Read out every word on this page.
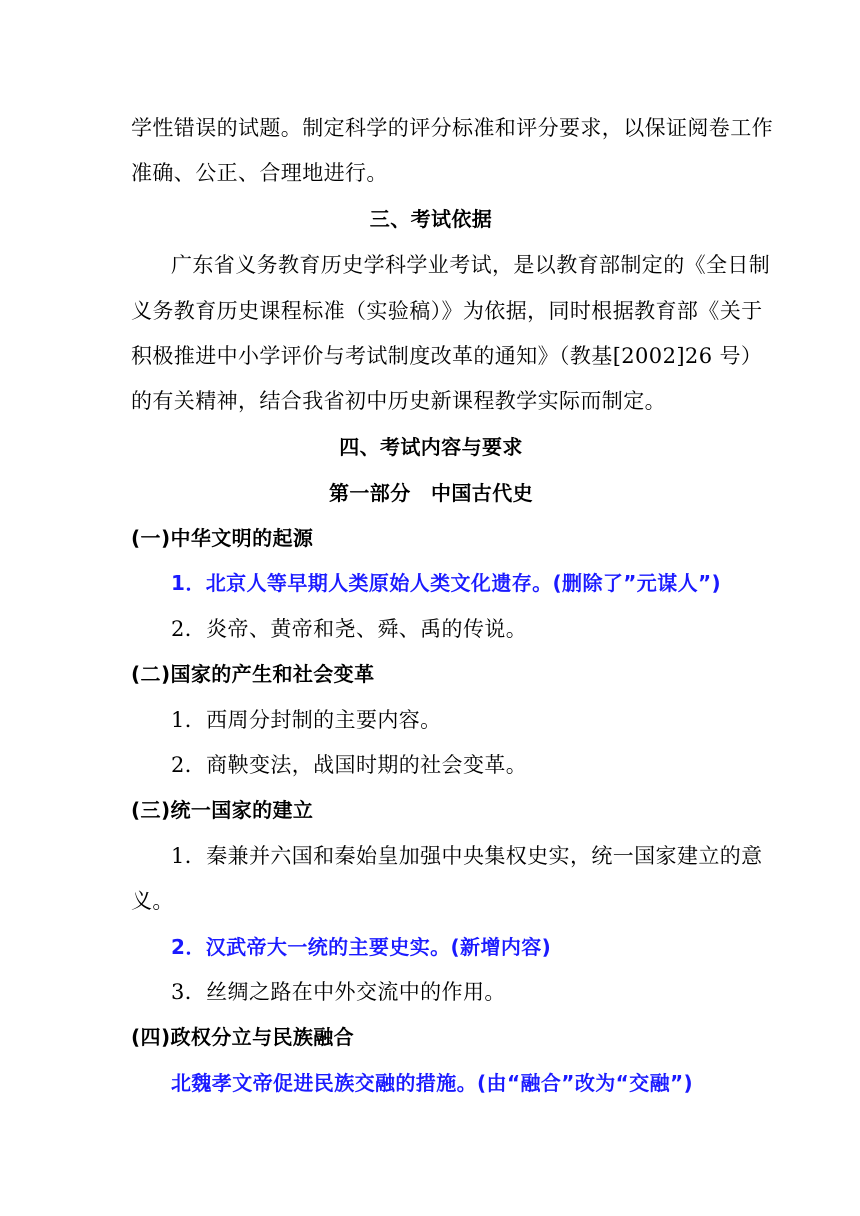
学性错误的试题。制定科学的评分标准和评分要求，以保证阅卷工作
准确、公正、合理地进行。
三、考试依据
广东省义务教育历史学科学业考试，是以教育部制定的《全日制
义务教育历史课程标准（实验稿）》为依据，同时根据教育部《关于
积极推进中小学评价与考试制度改革的通知》（教基[2002]26 号）
的有关精神，结合我省初中历史新课程教学实际而制定。
四、考试内容与要求
第一部分　中国古代史
(一)中华文明的起源
1．北京人等早期人类原始人类文化遗存。(删除了”元谋人”)
2．炎帝、黄帝和尧、舜、禹的传说。
(二)国家的产生和社会变革
1．西周分封制的主要内容。
2．商鞅变法，战国时期的社会变革。
(三)统一国家的建立
1．秦兼并六国和秦始皇加强中央集权史实，统一国家建立的意
义。
2．汉武帝大一统的主要史实。(新增内容)
3．丝绸之路在中外交流中的作用。
(四)政权分立与民族融合
北魏孝文帝促进民族交融的措施。(由“融合”改为“交融”)
